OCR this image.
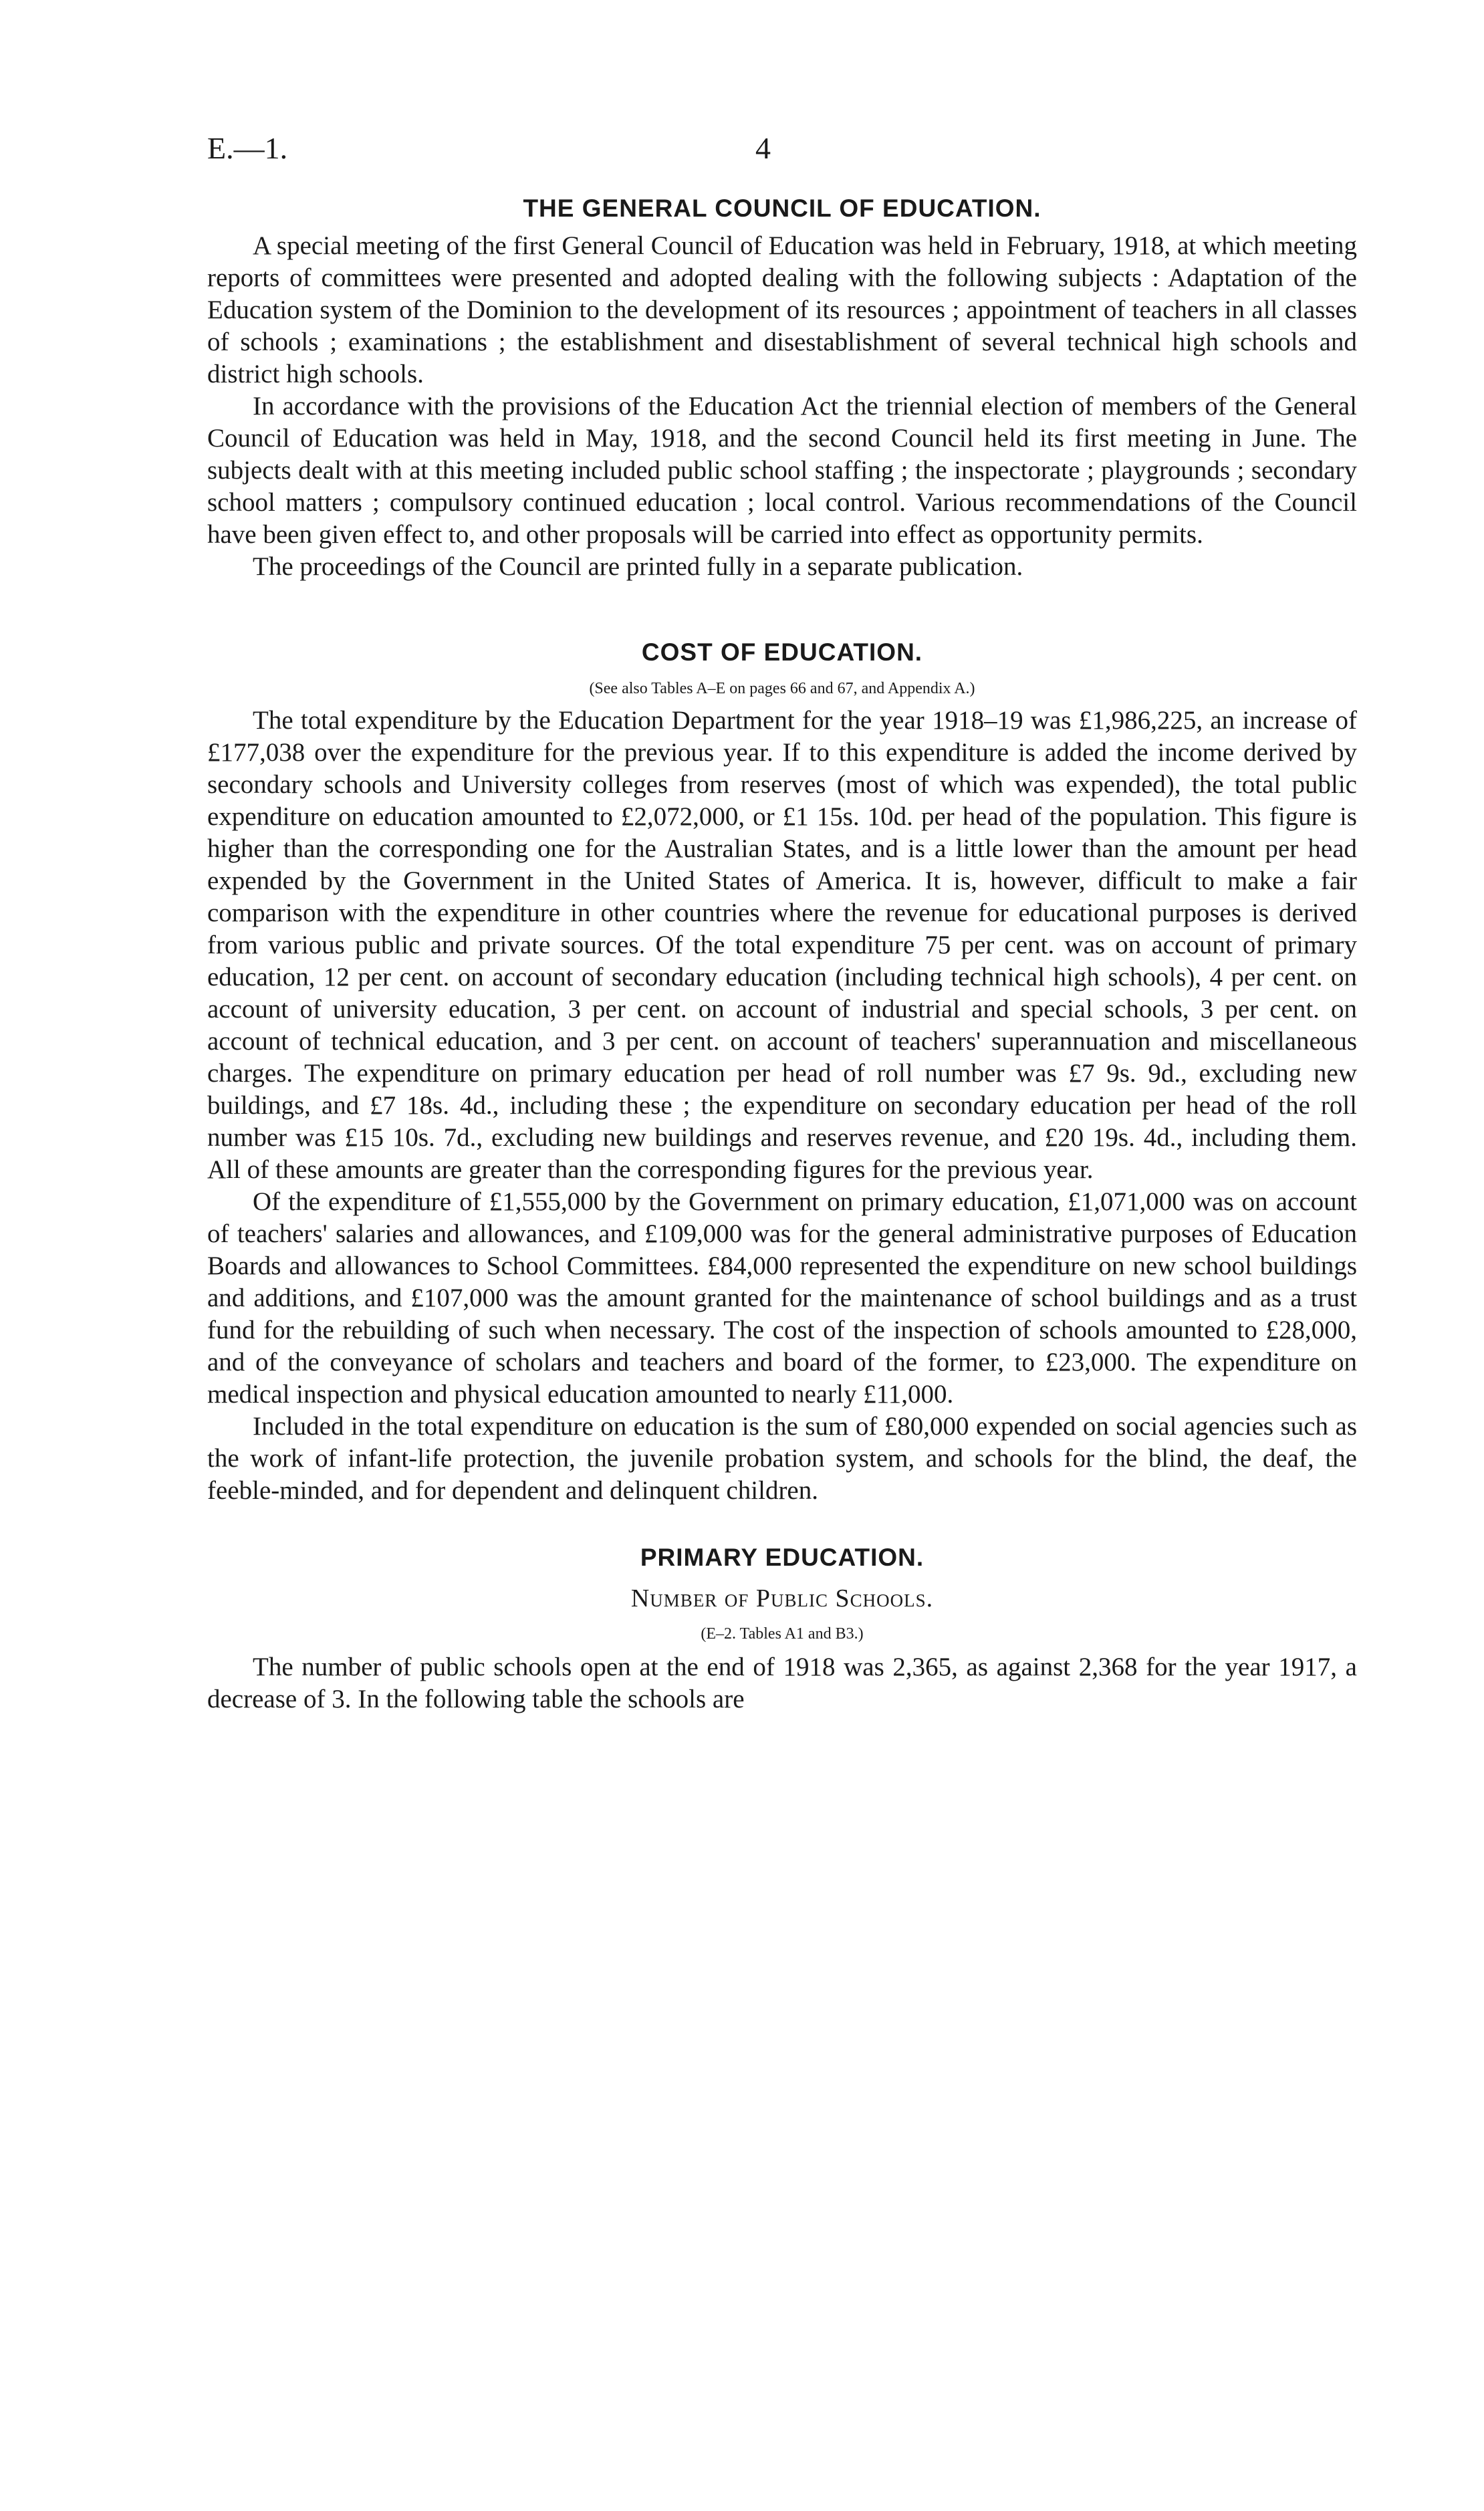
E.—1.	4
THE GENERAL COUNCIL OF EDUCATION.

A special meeting of the first General Council of Education was held in February, 1918, at which meeting reports of committees were presented and adopted dealing with the following subjects : Adaptation of the Education system of the Dominion to the development of its resources ; appointment of teachers in all classes of schools ; examinations ; the establishment and disestablishment of several technical high schools and district high schools.

In accordance with the provisions of the Education Act the triennial election of members of the General Council of Education was held in May, 1918, and the second Council held its first meeting in June. The subjects dealt with at this meeting included public school staffing ; the inspectorate ; playgrounds ; secondary school matters ; compulsory continued education ; local control. Various recommendations of the Council have been given effect to, and other proposals will be carried into effect as opportunity permits.

The proceedings of the Council are printed fully in a separate publication.

COST OF EDUCATION.

(See also Tables A–E on pages 66 and 67, and Appendix A.)

The total expenditure by the Education Department for the year 1918–19 was £1,986,225, an increase of £177,038 over the expenditure for the previous year. If to this expenditure is added the income derived by secondary schools and University colleges from reserves (most of which was expended), the total public expenditure on education amounted to £2,072,000, or £1 15s. 10d. per head of the population. This figure is higher than the corresponding one for the Australian States, and is a little lower than the amount per head expended by the Government in the United States of America. It is, however, difficult to make a fair comparison with the expenditure in other countries where the revenue for educational purposes is derived from various public and private sources. Of the total expenditure 75 per cent. was on account of primary education, 12 per cent. on account of secondary education (including technical high schools), 4 per cent. on account of university education, 3 per cent. on account of industrial and special schools, 3 per cent. on account of technical education, and 3 per cent. on account of teachers' superannuation and miscellaneous charges. The expenditure on primary education per head of roll number was £7 9s. 9d., excluding new buildings, and £7 18s. 4d., including these ; the expenditure on secondary education per head of the roll number was £15 10s. 7d., excluding new buildings and reserves revenue, and £20 19s. 4d., including them. All of these amounts are greater than the corresponding figures for the previous year.

Of the expenditure of £1,555,000 by the Government on primary education, £1,071,000 was on account of teachers' salaries and allowances, and £109,000 was for the general administrative purposes of Education Boards and allowances to School Committees. £84,000 represented the expenditure on new school buildings and additions, and £107,000 was the amount granted for the maintenance of school buildings and as a trust fund for the rebuilding of such when necessary. The cost of the inspection of schools amounted to £28,000, and of the conveyance of scholars and teachers and board of the former, to £23,000. The expenditure on medical inspection and physical education amounted to nearly £11,000.

Included in the total expenditure on education is the sum of £80,000 expended on social agencies such as the work of infant-life protection, the juvenile probation system, and schools for the blind, the deaf, the feeble-minded, and for dependent and delinquent children.

PRIMARY EDUCATION.

Number of Public Schools.

(E–2. Tables A1 and B3.)

The number of public schools open at the end of 1918 was 2,365, as against 2,368 for the year 1917, a decrease of 3. In the following table the schools are
